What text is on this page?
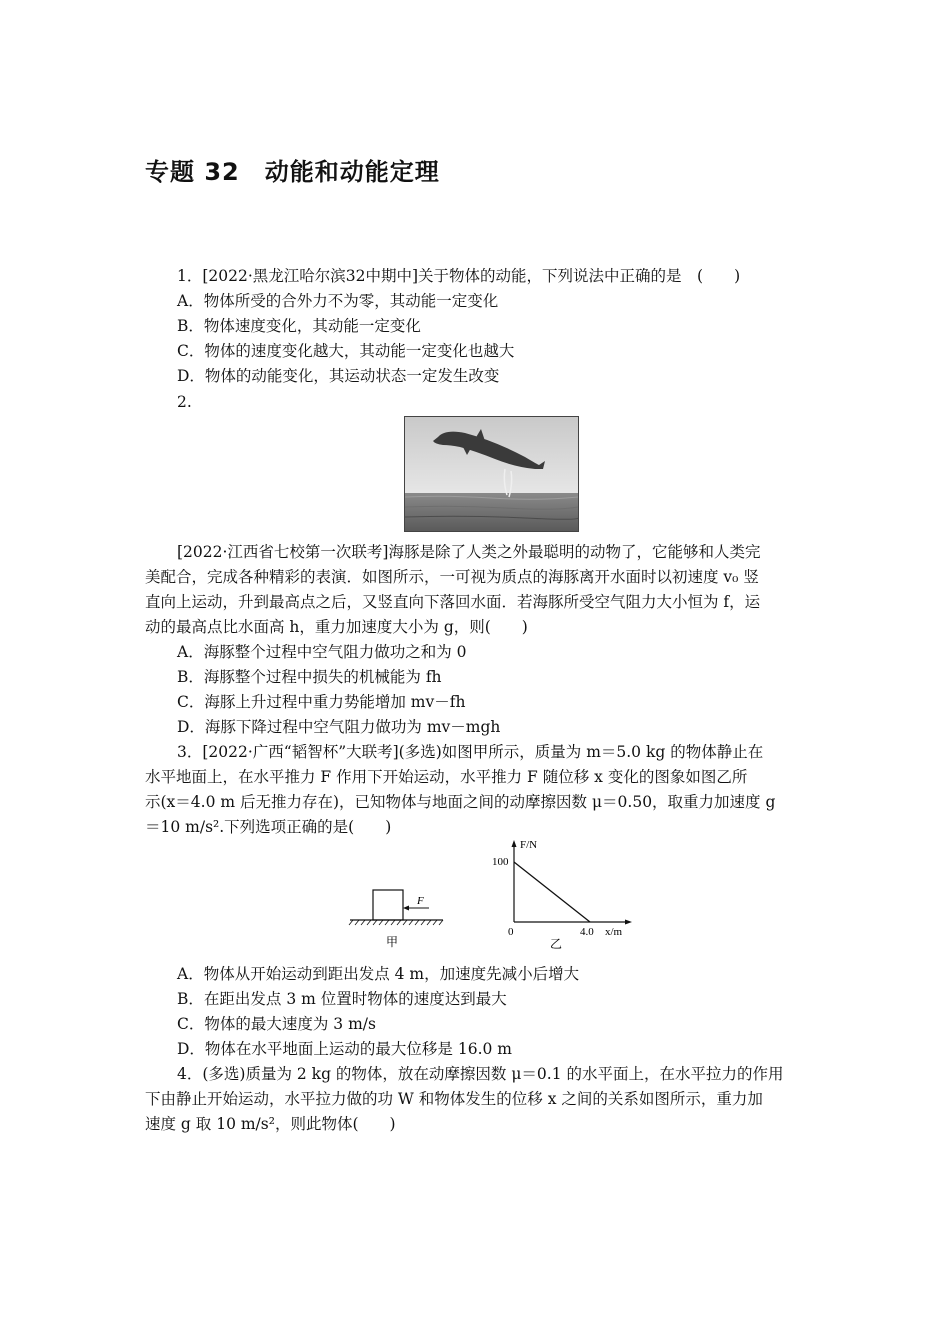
专题 32　动能和动能定理
1．[2022·黑龙江哈尔滨32中期中]关于物体的动能，下列说法中正确的是　(　　)
A．物体所受的合外力不为零，其动能一定变化
B．物体速度变化，其动能一定变化
C．物体的速度变化越大，其动能一定变化也越大
D．物体的动能变化，其运动状态一定发生改变
2.
[2022·江西省七校第一次联考]海豚是除了人类之外最聪明的动物了，它能够和人类完
美配合，完成各种精彩的表演．如图所示，一可视为质点的海豚离开水面时以初速度 v₀ 竖
直向上运动，升到最高点之后，又竖直向下落回水面．若海豚所受空气阻力大小恒为 f，运
动的最高点比水面高 h，重力加速度大小为 g，则(　　)
A．海豚整个过程中空气阻力做功之和为 0
B．海豚整个过程中损失的机械能为 fh
C．海豚上升过程中重力势能增加 mv－fh
D．海豚下降过程中空气阻力做功为 mv－mgh
3．[2022·广西“韬智杯”大联考](多选)如图甲所示，质量为 m＝5.0 kg 的物体静止在
水平地面上，在水平推力 F 作用下开始运动，水平推力 F 随位移 x 变化的图象如图乙所
示(x＝4.0 m 后无推力存在)，已知物体与地面之间的动摩擦因数 μ＝0.50，取重力加速度 g
＝10 m/s².下列选项正确的是(　　)
F
甲
F/N
100
4.0 x/m
0
乙
A．物体从开始运动到距出发点 4 m，加速度先减小后增大
B．在距出发点 3 m 位置时物体的速度达到最大
C．物体的最大速度为 3 m/s
D．物体在水平地面上运动的最大位移是 16.0 m
4．(多选)质量为 2 kg 的物体，放在动摩擦因数 μ＝0.1 的水平面上，在水平拉力的作用
下由静止开始运动，水平拉力做的功 W 和物体发生的位移 x 之间的关系如图所示，重力加
速度 g 取 10 m/s²，则此物体(　　)
